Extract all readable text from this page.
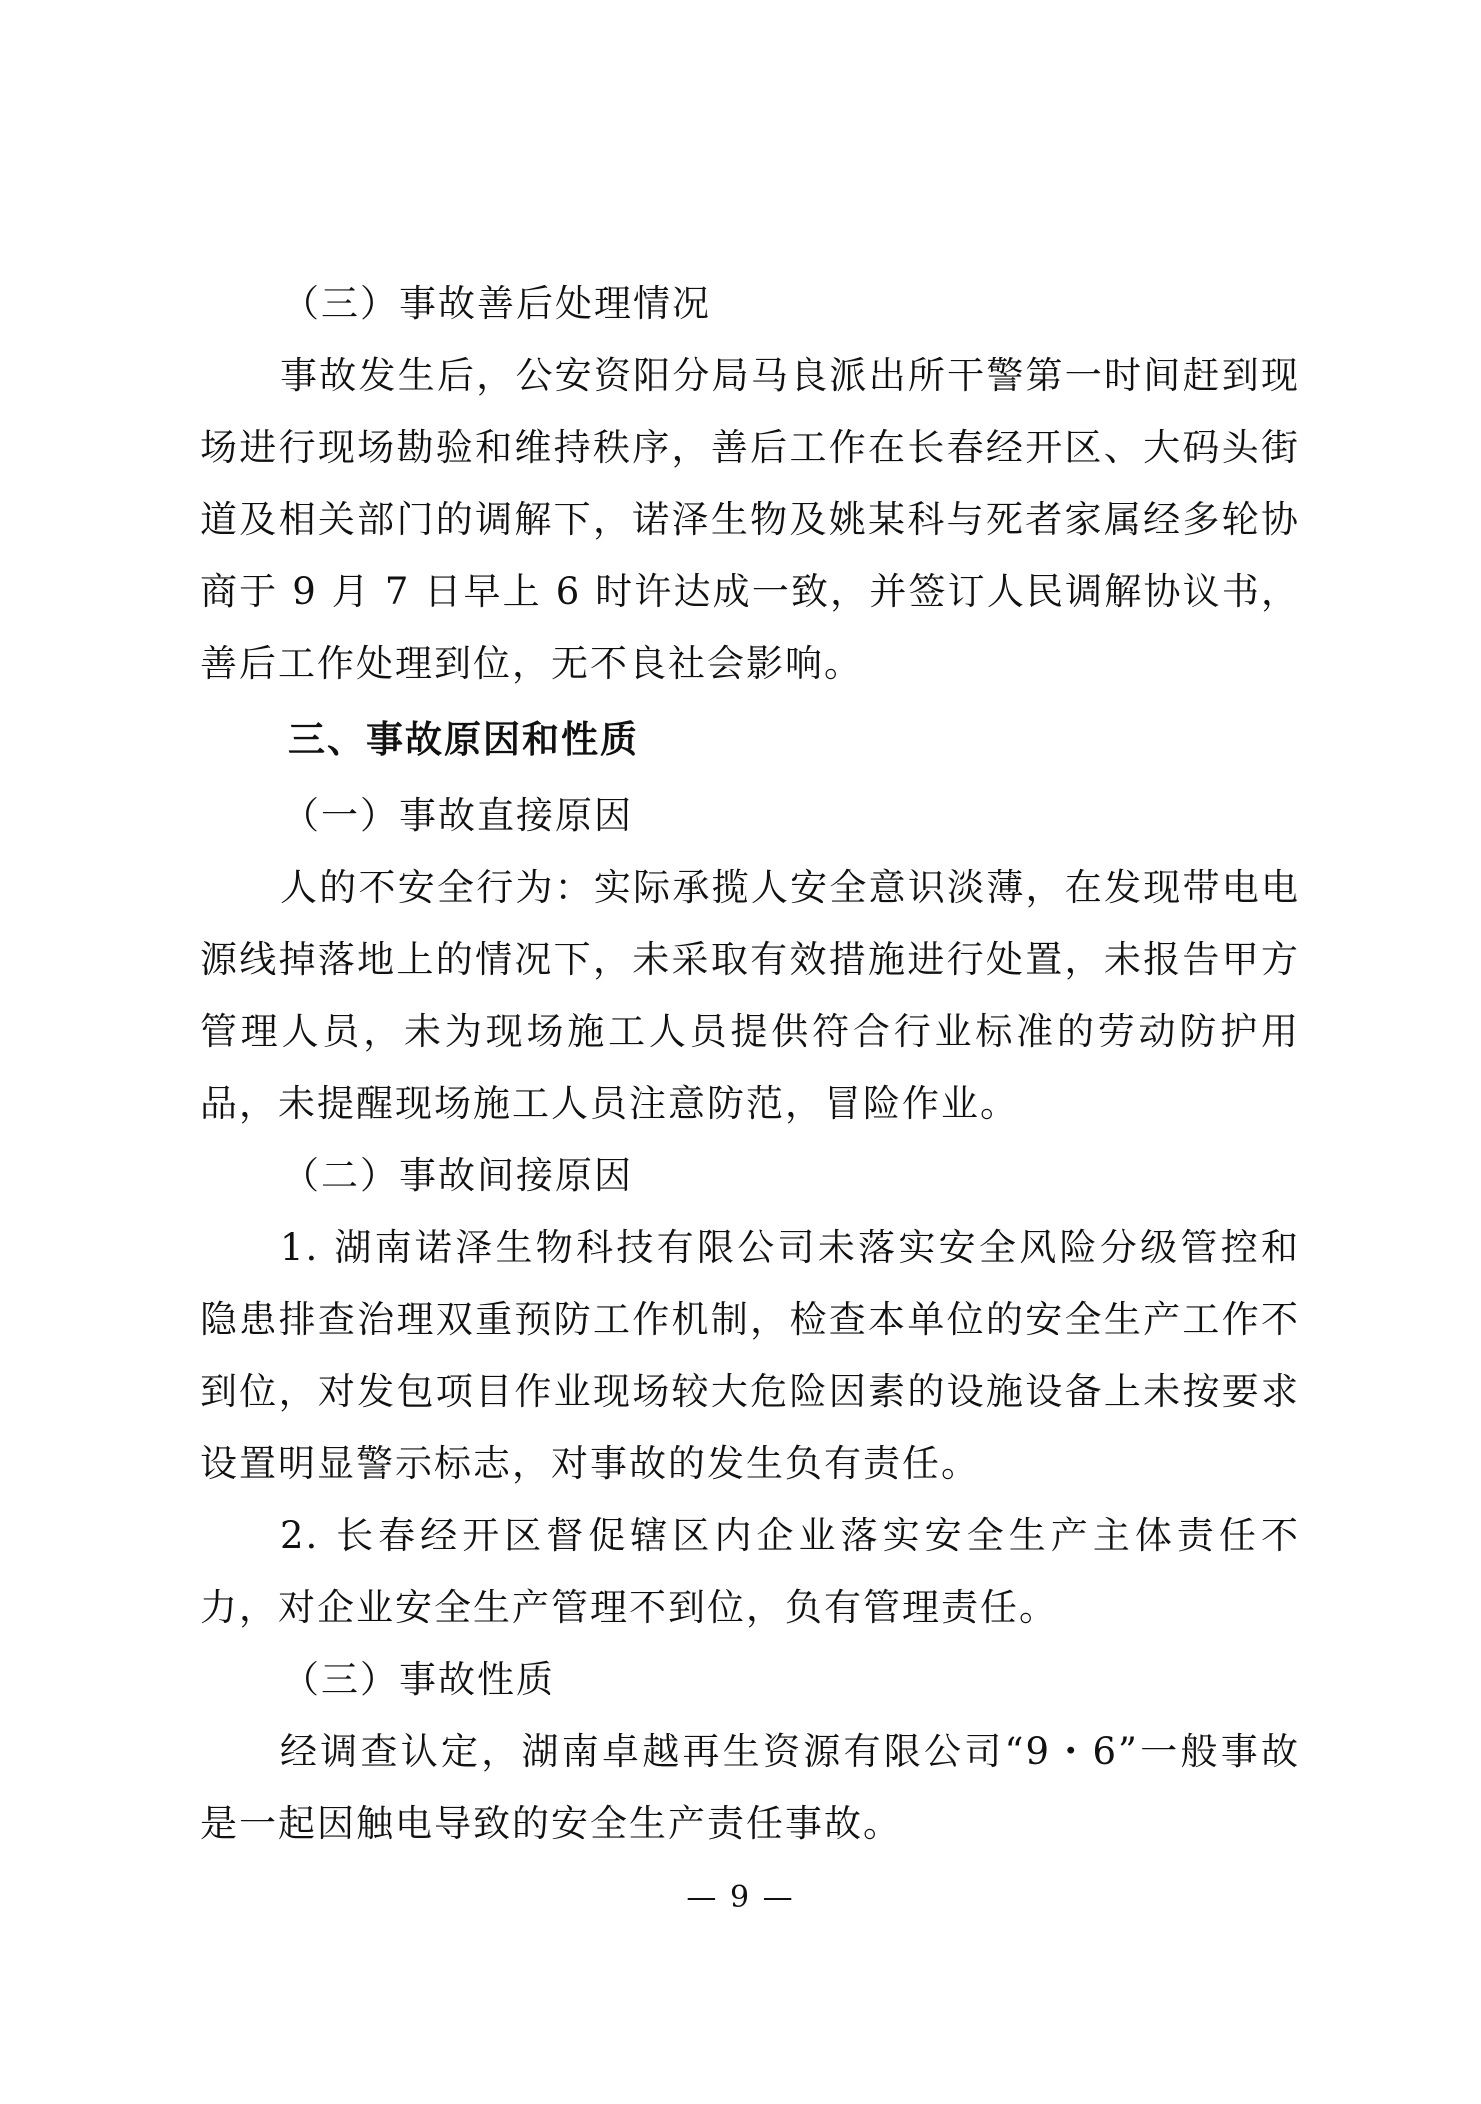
（三）事故善后处理情况

事故发生后，公安资阳分局马良派出所干警第一时间赶到现场进行现场勘验和维持秩序，善后工作在长春经开区、大码头街道及相关部门的调解下，诺泽生物及姚某科与死者家属经多轮协商于 9 月 7 日早上 6 时许达成一致，并签订人民调解协议书，善后工作处理到位，无不良社会影响。

三、事故原因和性质

（一）事故直接原因

人的不安全行为：实际承揽人安全意识淡薄，在发现带电电源线掉落地上的情况下，未采取有效措施进行处置，未报告甲方管理人员，未为现场施工人员提供符合行业标准的劳动防护用品，未提醒现场施工人员注意防范，冒险作业。

（二）事故间接原因

1. 湖南诺泽生物科技有限公司未落实安全风险分级管控和隐患排查治理双重预防工作机制，检查本单位的安全生产工作不到位，对发包项目作业现场较大危险因素的设施设备上未按要求设置明显警示标志，对事故的发生负有责任。

2. 长春经开区督促辖区内企业落实安全生产主体责任不力，对企业安全生产管理不到位，负有管理责任。

（三）事故性质

经调查认定，湖南卓越再生资源有限公司“9・6”一般事故是一起因触电导致的安全生产责任事故。

— 9 —
